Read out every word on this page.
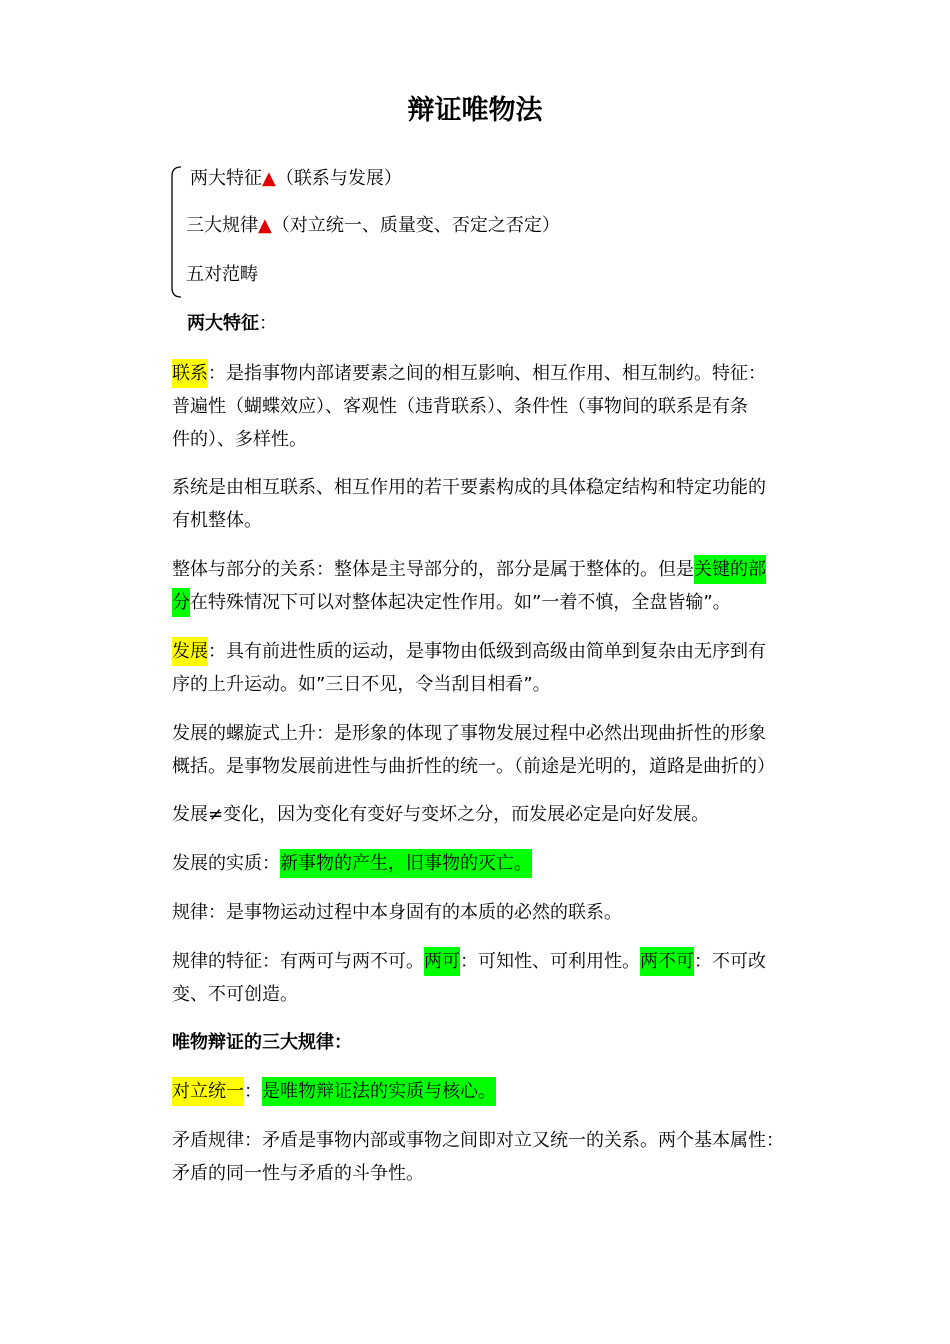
辩证唯物法
两大特征▲（联系与发展）
三大规律▲（对立统一、质量变、否定之否定）
五对范畴
两大特征：
联系：是指事物内部诸要素之间的相互影响、相互作用、相互制约。特征：
普遍性（蝴蝶效应）、客观性（违背联系）、条件性（事物间的联系是有条
件的）、多样性。
系统是由相互联系、相互作用的若干要素构成的具体稳定结构和特定功能的
有机整体。
整体与部分的关系：整体是主导部分的，部分是属于整体的。但是关键的部
分在特殊情况下可以对整体起决定性作用。如”一着不慎，全盘皆输”。
发展：具有前进性质的运动，是事物由低级到高级由简单到复杂由无序到有
序的上升运动。如”三日不见，令当刮目相看”。
发展的螺旋式上升：是形象的体现了事物发展过程中必然出现曲折性的形象
概括。是事物发展前进性与曲折性的统一。（前途是光明的，道路是曲折的）
发展≠变化，因为变化有变好与变坏之分，而发展必定是向好发展。
发展的实质：新事物的产生，旧事物的灭亡。
规律：是事物运动过程中本身固有的本质的必然的联系。
规律的特征：有两可与两不可。两可：可知性、可利用性。两不可：不可改
变、不可创造。
唯物辩证的三大规律：
对立统一：是唯物辩证法的实质与核心。
矛盾规律：矛盾是事物内部或事物之间即对立又统一的关系。两个基本属性：
矛盾的同一性与矛盾的斗争性。
